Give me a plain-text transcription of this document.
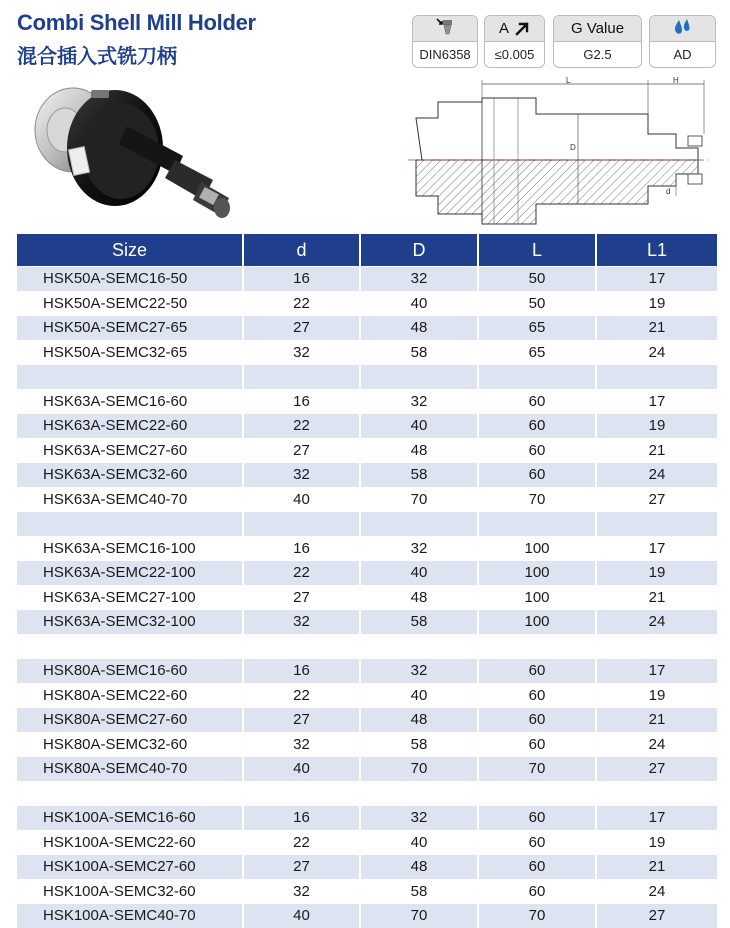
Combi Shell Mill Holder
混合插入式铣刀柄	DIN6358
A
≤0.005
G Value
G2.5	AD
L	H
D
d
Size	d	D	L	L1
HSK50A-SEMC16-50	16	32	50	17
HSK50A-SEMC22-50	22	40	50	19
HSK50A-SEMC27-65	27	48	65	21
HSK50A-SEMC32-65	32	58	65	24

HSK63A-SEMC16-60	16	32	60	17
HSK63A-SEMC22-60	22	40	60	19
HSK63A-SEMC27-60	27	48	60	21
HSK63A-SEMC32-60	32	58	60	24
HSK63A-SEMC40-70	40	70	70	27

HSK63A-SEMC16-100	16	32	100	17
HSK63A-SEMC22-100	22	40	100	19
HSK63A-SEMC27-100	27	48	100	21
HSK63A-SEMC32-100	32	58	100	24

HSK80A-SEMC16-60	16	32	60	17
HSK80A-SEMC22-60	22	40	60	19
HSK80A-SEMC27-60	27	48	60	21
HSK80A-SEMC32-60	32	58	60	24
HSK80A-SEMC40-70	40	70	70	27

HSK100A-SEMC16-60	16	32	60	17
HSK100A-SEMC22-60	22	40	60	19
HSK100A-SEMC27-60	27	48	60	21
HSK100A-SEMC32-60	32	58	60	24
HSK100A-SEMC40-70	40	70	70	27
